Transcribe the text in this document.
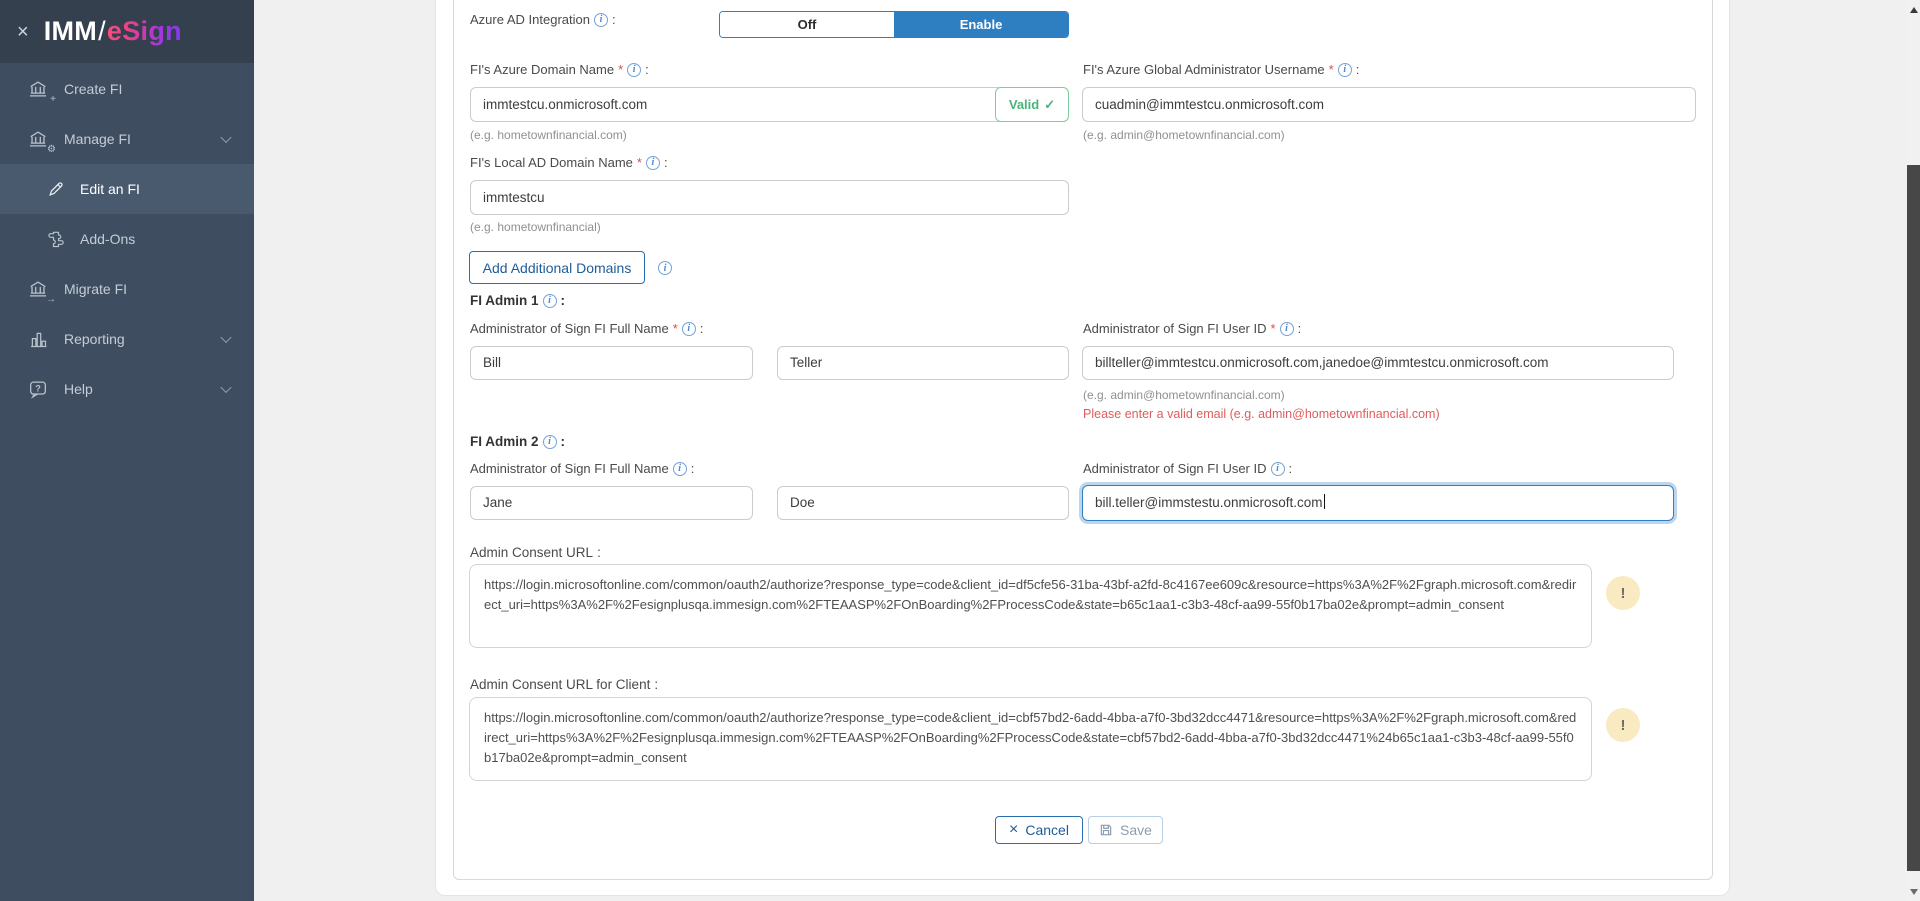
× IMM/eSign
+
Create FI
⚙
Manage FI
Edit an FI
Add-Ons
→
Migrate FI
Reporting
? Help
Azure AD Integration i :	Off	Enable
FI's Azure Domain Name * i :
immtestcu.onmicrosoft.com	Valid ✓
(e.g. hometownfinancial.com)
FI's Azure Global Administrator Username * i :
cuadmin@immtestcu.onmicrosoft.com
(e.g. admin@hometownfinancial.com)
FI's Local AD Domain Name * i :
immtestcu
(e.g. hometownfinancial)
Add Additional Domains	i
FI Admin 1 i :
Administrator of Sign FI Full Name * i :	Administrator of Sign FI User ID * i :
Bill	Teller	billteller@immtestcu.onmicrosoft.com,janedoe@immtestcu.onmicrosoft.com
(e.g. admin@hometownfinancial.com)
Please enter a valid email (e.g. admin@hometownfinancial.com)
FI Admin 2 i :
Administrator of Sign FI Full Name i :	Administrator of Sign FI User ID i :
Jane	Doe	bill.teller@immstestu.onmicrosoft.com
Admin Consent URL :
https://login.microsoftonline.com/common/oauth2/authorize?response_type=code&client_id=df5cfe56-31ba-43bf-a2fd-8c4167ee609c&resource=https%3A%2F%2Fgraph.microsoft.com&redirect_uri=https%3A%2F%2Fesignplusqa.immesign.com%2FTEAASP%2FOnBoarding%2FProcessCode&state=b65c1aa1-c3b3-48cf-aa99-55f0b17ba02e&prompt=admin_consent
!
Admin Consent URL for Client :
https://login.microsoftonline.com/common/oauth2/authorize?response_type=code&client_id=cbf57bd2-6add-4bba-a7f0-3bd32dcc4471&resource=https%3A%2F%2Fgraph.microsoft.com&redirect_uri=https%3A%2F%2Fesignplusqa.immesign.com%2FTEAASP%2FOnBoarding%2FProcessCode&state=cbf57bd2-6add-4bba-a7f0-3bd32dcc4471%24b65c1aa1-c3b3-48cf-aa99-55f0b17ba02e&prompt=admin_consent
!
× Cancel	Save
